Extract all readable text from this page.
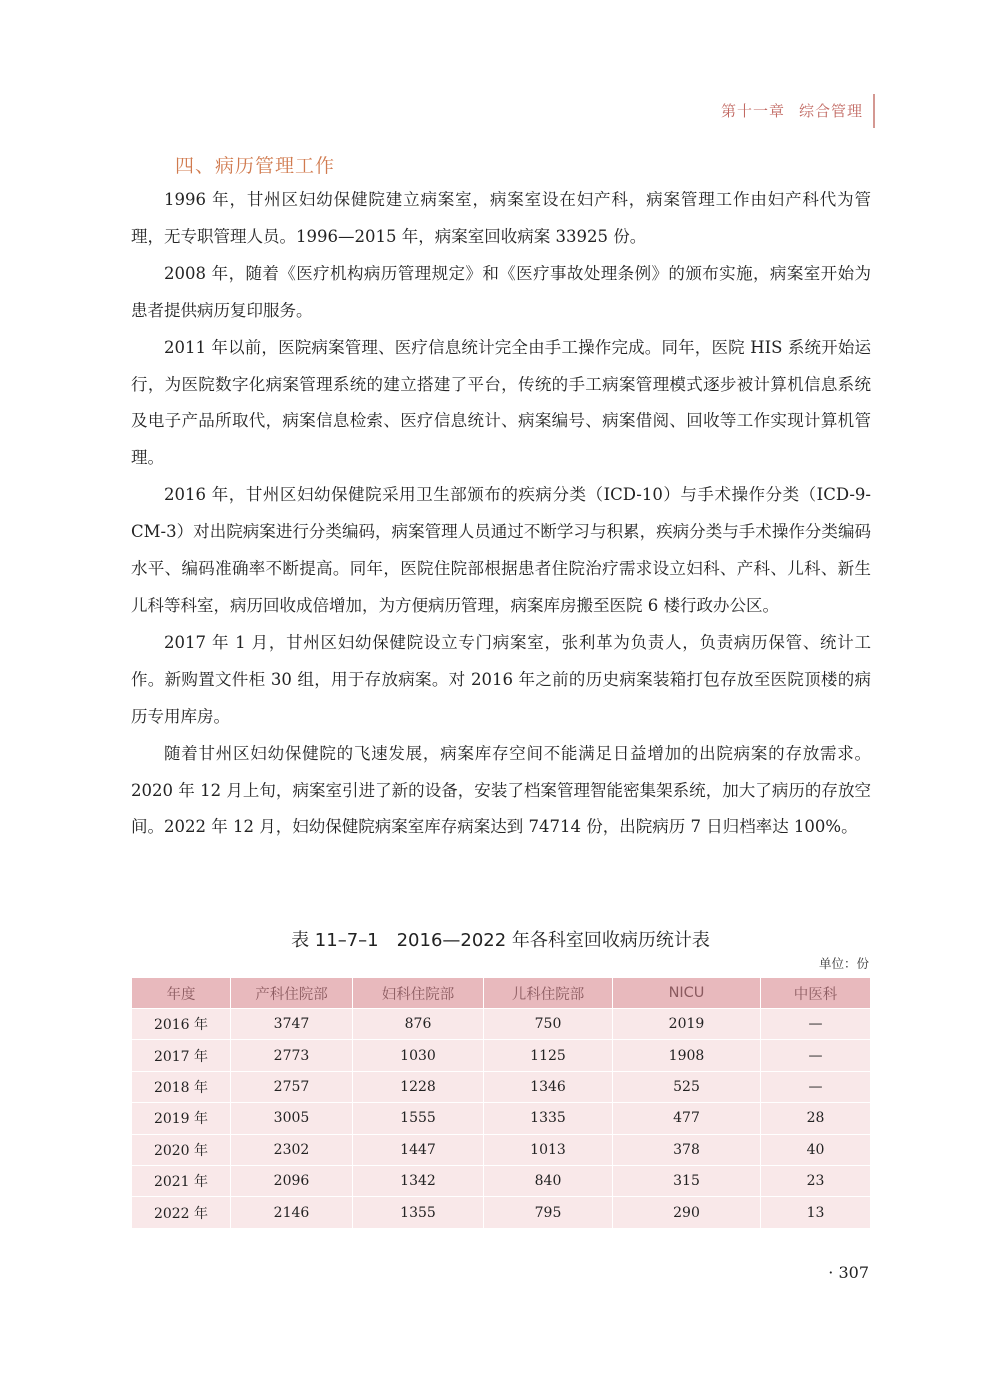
第十一章 综合管理
四、病历管理工作

1996 年，甘州区妇幼保健院建立病案室，病案室设在妇产科，病案管理工作由妇产科代为管理，无专职管理人员。1996—2015 年，病案室回收病案 33925 份。

2008 年，随着《医疗机构病历管理规定》和《医疗事故处理条例》的颁布实施，病案室开始为患者提供病历复印服务。

2011 年以前，医院病案管理、医疗信息统计完全由手工操作完成。同年，医院 HIS 系统开始运行，为医院数字化病案管理系统的建立搭建了平台，传统的手工病案管理模式逐步被计算机信息系统及电子产品所取代，病案信息检索、医疗信息统计、病案编号、病案借阅、回收等工作实现计算机管理。

2016 年，甘州区妇幼保健院采用卫生部颁布的疾病分类（ICD-10）与手术操作分类（ICD-9-CM-3）对出院病案进行分类编码，病案管理人员通过不断学习与积累，疾病分类与手术操作分类编码水平、编码准确率不断提高。同年，医院住院部根据患者住院治疗需求设立妇科、产科、儿科、新生儿科等科室，病历回收成倍增加，为方便病历管理，病案库房搬至医院 6 楼行政办公区。

2017 年 1 月，甘州区妇幼保健院设立专门病案室，张利革为负责人，负责病历保管、统计工作。新购置文件柜 30 组，用于存放病案。对 2016 年之前的历史病案装箱打包存放至医院顶楼的病历专用库房。

随着甘州区妇幼保健院的飞速发展，病案库存空间不能满足日益增加的出院病案的存放需求。2020 年 12 月上旬，病案室引进了新的设备，安装了档案管理智能密集架系统，加大了病历的存放空间。2022 年 12 月，妇幼保健院病案室库存病案达到 74714 份，出院病历 7 日归档率达 100%。

表 11–7–1　2016—2022 年各科室回收病历统计表
单位：份
年度	产科住院部	妇科住院部	儿科住院部	NICU	中医科
2016 年	3747	876	750	2019	—
2017 年	2773	1030	1125	1908	—
2018 年	2757	1228	1346	525	—
2019 年	3005	1555	1335	477	28
2020 年	2302	1447	1013	378	40
2021 年	2096	1342	840	315	23
2022 年	2146	1355	795	290	13
· 307
